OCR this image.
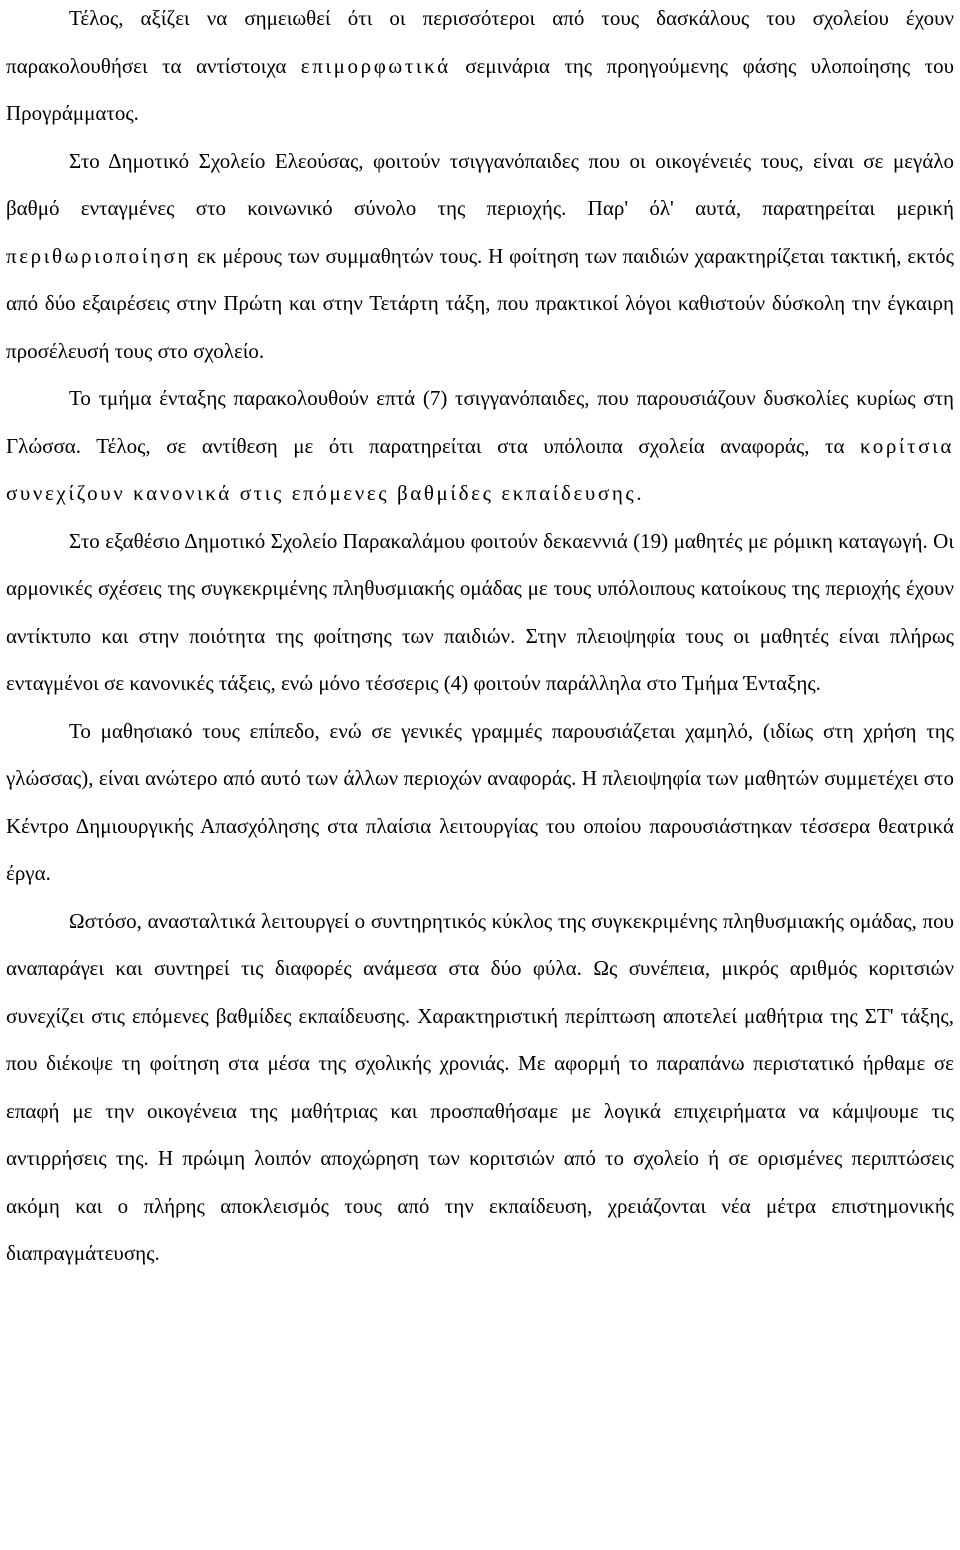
Τέλος, αξίζει να σημειωθεί ότι οι περισσότεροι από τους δασκάλους του σχολείου έχουν παρακολουθήσει τα αντίστοιχα επιμορφωτικά σεμινάρια της προηγούμενης φάσης υλοποίησης του Προγράμματος.

Στο Δημοτικό Σχολείο Ελεούσας, φοιτούν τσιγγανόπαιδες που οι οικογένειές τους, είναι σε μεγάλο βαθμό ενταγμένες στο κοινωνικό σύνολο της περιοχής. Παρ' όλ' αυτά, παρατηρείται μερική περιθωριοποίηση εκ μέρους των συμμαθητών τους. Η φοίτηση των παιδιών χαρακτηρίζεται τακτική, εκτός από δύο εξαιρέσεις στην Πρώτη και στην Τετάρτη τάξη, που πρακτικοί λόγοι καθιστούν δύσκολη την έγκαιρη προσέλευσή τους στο σχολείο.

Το τμήμα ένταξης παρακολουθούν επτά (7) τσιγγανόπαιδες, που παρουσιάζουν δυσκολίες κυρίως στη Γλώσσα. Τέλος, σε αντίθεση με ότι παρατηρείται στα υπόλοιπα σχολεία αναφοράς, τα κορίτσια συνεχίζουν κανονικά στις επόμενες βαθμίδες εκπαίδευσης.

Στο εξαθέσιο Δημοτικό Σχολείο Παρακαλάμου φοιτούν δεκαεννιά (19) μαθητές με ρόμικη καταγωγή. Οι αρμονικές σχέσεις της συγκεκριμένης πληθυσμιακής ομάδας με τους υπόλοιπους κατοίκους της περιοχής έχουν αντίκτυπο και στην ποιότητα της φοίτησης των παιδιών. Στην πλειοψηφία τους οι μαθητές είναι πλήρως ενταγμένοι σε κανονικές τάξεις, ενώ μόνο τέσσερις (4) φοιτούν παράλληλα στο Τμήμα Ένταξης.

Το μαθησιακό τους επίπεδο, ενώ σε γενικές γραμμές παρουσιάζεται χαμηλό, (ιδίως στη χρήση της γλώσσας), είναι ανώτερο από αυτό των άλλων περιοχών αναφοράς. Η πλειοψηφία των μαθητών συμμετέχει στο Κέντρο Δημιουργικής Απασχόλησης στα πλαίσια λειτουργίας του οποίου παρουσιάστηκαν τέσσερα θεατρικά έργα.

Ωστόσο, ανασταλτικά λειτουργεί ο συντηρητικός κύκλος της συγκεκριμένης πληθυσμιακής ομάδας, που αναπαράγει και συντηρεί τις διαφορές ανάμεσα στα δύο φύλα. Ως συνέπεια, μικρός αριθμός κοριτσιών συνεχίζει στις επόμενες βαθμίδες εκπαίδευσης. Χαρακτηριστική περίπτωση αποτελεί μαθήτρια της ΣΤ' τάξης, που διέκοψε τη φοίτηση στα μέσα της σχολικής χρονιάς. Με αφορμή το παραπάνω περιστατικό ήρθαμε σε επαφή με την οικογένεια της μαθήτριας και προσπαθήσαμε με λογικά επιχειρήματα να κάμψουμε τις αντιρρήσεις της. Η πρώιμη λοιπόν αποχώρηση των κοριτσιών από το σχολείο ή σε ορισμένες περιπτώσεις ακόμη και ο πλήρης αποκλεισμός τους από την εκπαίδευση, χρειάζονται νέα μέτρα επιστημονικής διαπραγμάτευσης.
